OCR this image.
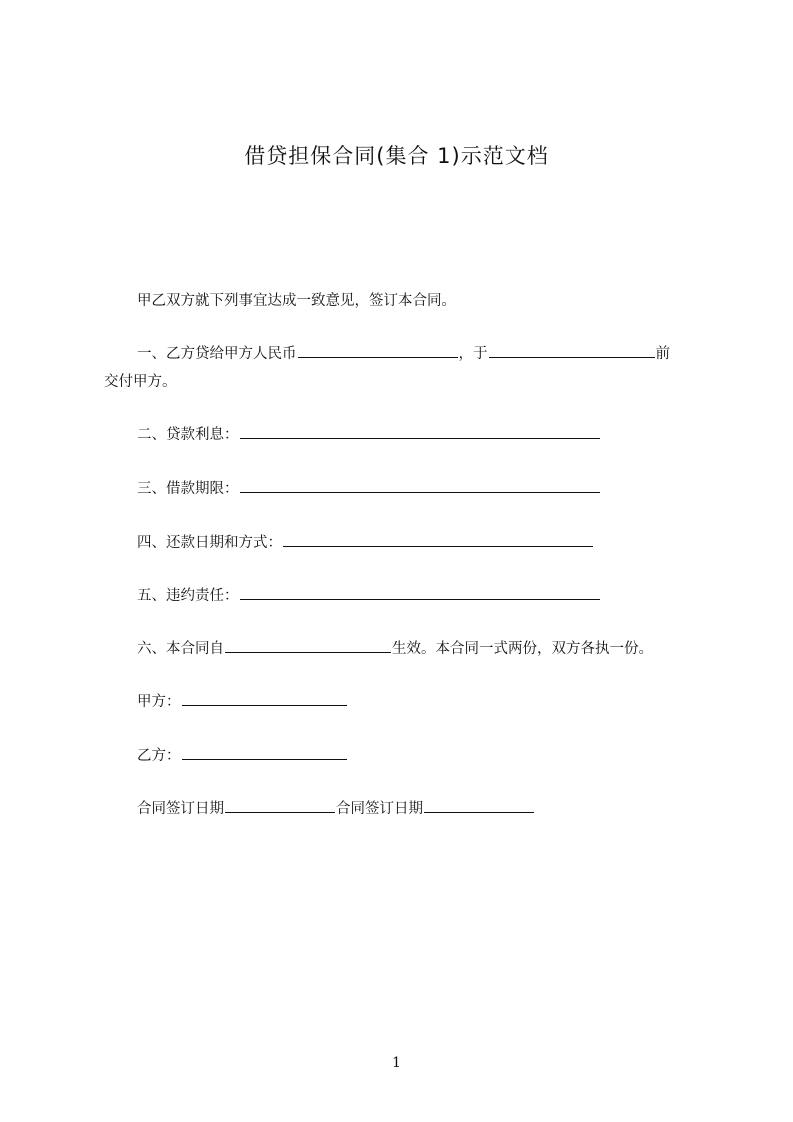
借贷担保合同(集合 1)示范文档
甲乙双方就下列事宜达成一致意见，签订本合同。
一、乙方贷给甲方人民币	，于	前
交付甲方。
二、贷款利息：
三、借款期限：
四、还款日期和方式：
五、违约责任：
六、本合同自	生效。本合同一式两份，双方各执一份。
甲方：
乙方：
合同签订日期	合同签订日期
1
